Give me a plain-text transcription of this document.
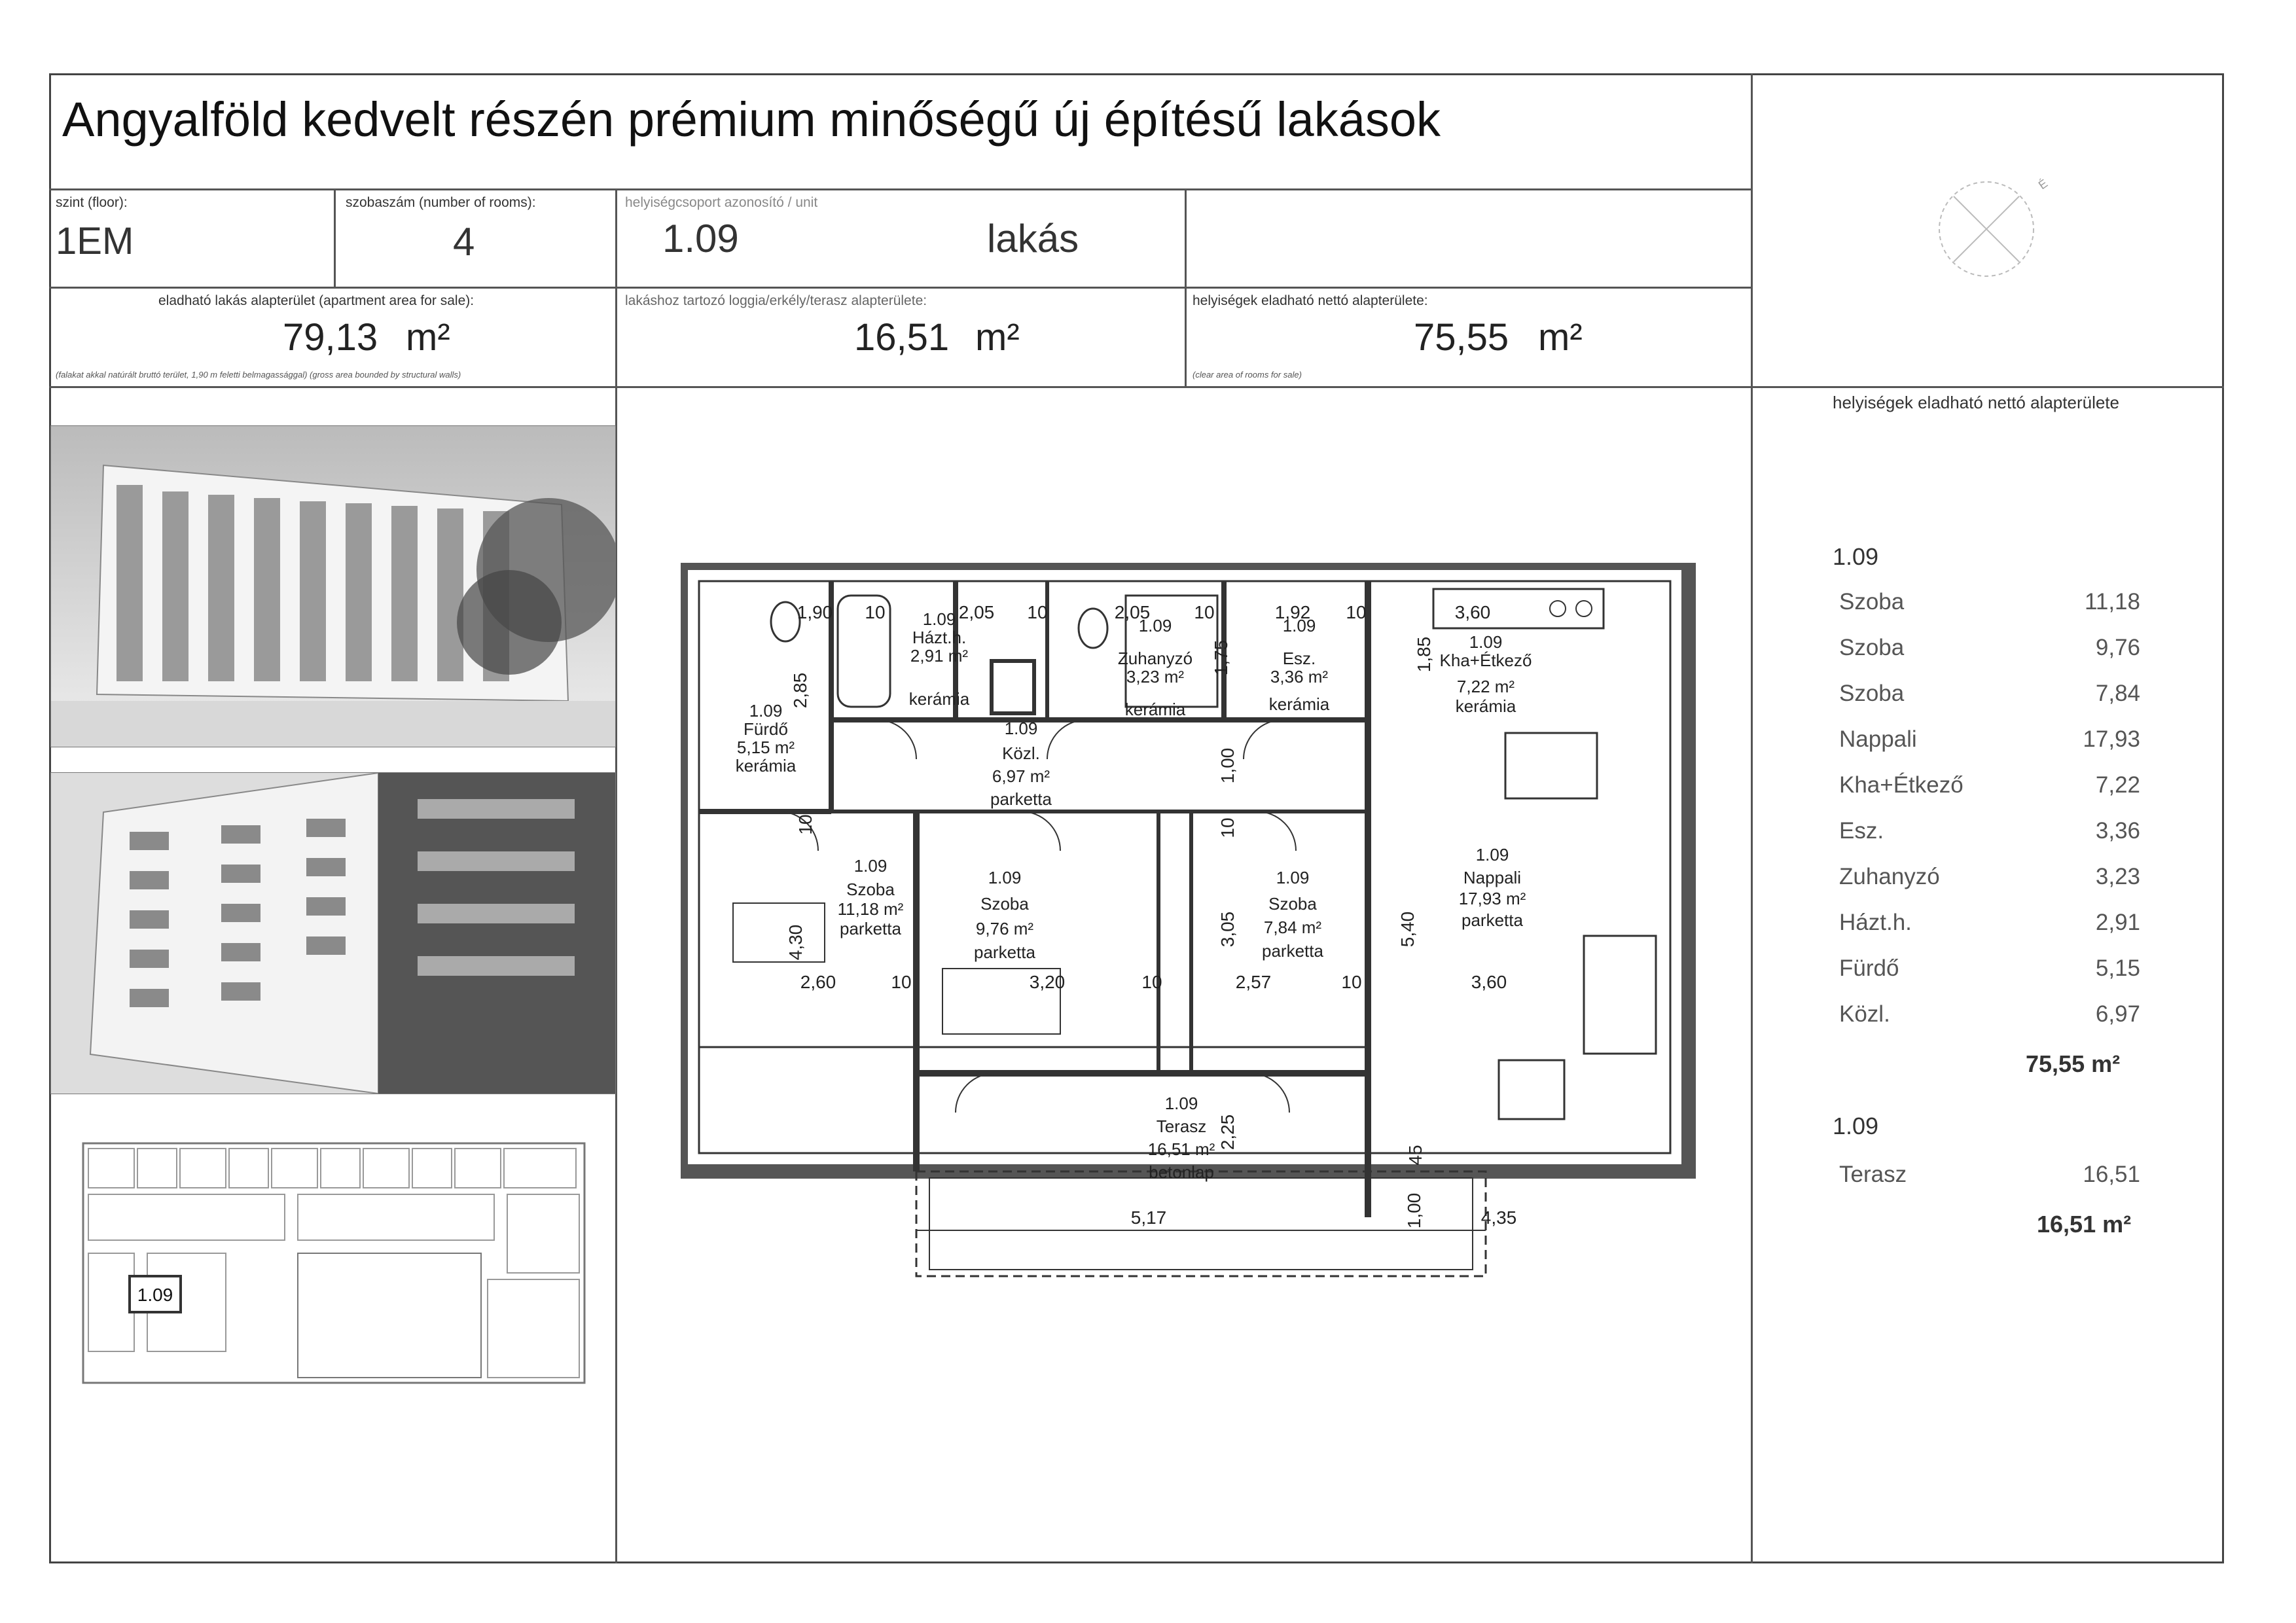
Angyalföld kedvelt részén prémium minőségű új építésű lakások
szint (floor):
1EM
szobaszám (number of rooms):
4
helyiségcsoport azonosító / unit
1.09	lakás
eladható lakás alapterület (apartment area for sale):
79,13 m²
(falakat akkal natúrált bruttó terület, 1,90 m feletti belmagassággal) (gross area bounded by structural walls)
lakáshoz tartozó loggia/erkély/terasz alapterülete:
16,51 m²
helyiségek eladható nettó alapterülete:
75,55 m²
(clear area of rooms for sale)
É
1.09
1.09
Fürdő
5,15 m²
kerámia
1.09
Házt.h.
2,91 m²
kerámia
1.09
Zuhanyzó
3,23 m²
kerámia
1.09
Esz.
3,36 m²
kerámia
1.09
Kha+Étkező
7,22 m²
kerámia
1.09
Közl.
6,97 m²
parketta
1.09
Szoba
11,18 m²
parketta
1.09
Szoba
9,76 m²
parketta
1.09
Szoba
7,84 m²
parketta
1.09
Nappali
17,93 m²
parketta
1.09
Terasz
16,51 m²
betonlap
1,90 10	2,05 10	2,05 10	1,92 10	3,60
2,85
1,75	1,85
1,00
10	10
4,30	3,05	5,40
2,60	10	3,20	10	2,57	10	3,60
2,25
45
5,17	1,00	4,35
helyiségek eladható nettó alapterülete
1.09
Szoba	11,18
Szoba	9,76
Szoba	7,84
Nappali	17,93
Kha+Étkező	7,22
Esz.	3,36
Zuhanyzó	3,23
Házt.h.	2,91
Fürdő	5,15
Közl.	6,97
75,55 m²
1.09
Terasz	16,51
16,51 m²
